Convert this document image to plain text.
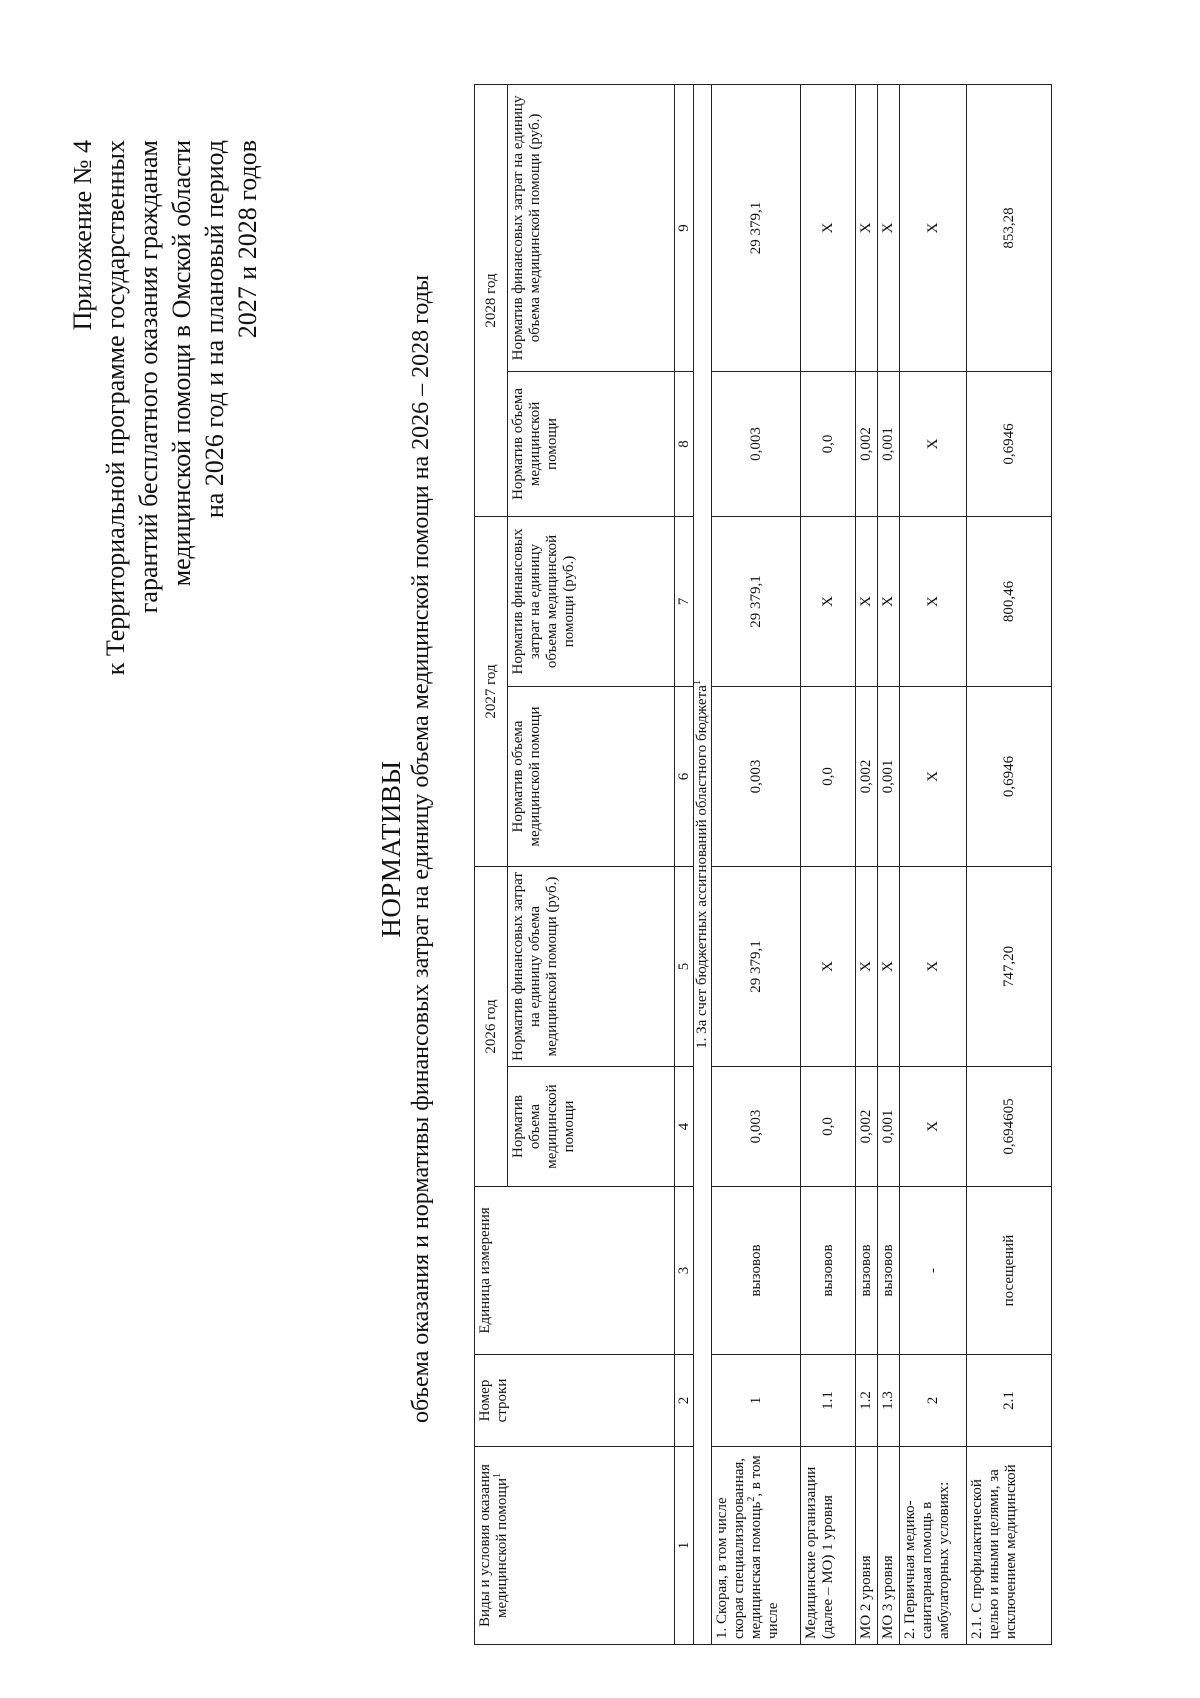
Приложение № 4 к Территориальной программе государственных гарантий бесплатного оказания гражданам медицинской помощи в Омской области на 2026 год и на плановый период 2027 и 2028 годов
НОРМАТИВЫ объема оказания и нормативы финансовых затрат на единицу объема медицинской помощи на 2026 – 2028 годы
Виды и условия оказания медицинской помощи$^1$	Номер строки	Единица измерения	2026 год		2027 год		2028 год	
			Норматив объема медицинской помощи	Норматив финансовых затрат на единицу объема медицинской помощи (руб.)	Норматив объема медицинской помощи	Норматив финансовых затрат на единицу объема медицинской помощи (руб.)	Норматив объема медицинской помощи	Норматив финансовых затрат на единицу объема медицинской помощи (руб.)
1	2	3	4	5	6	7	8	9
1. За счет бюджетных ассигнований областного бюджета$^1$
1. Скорая, в том числе скорая специализированная, медицинская помощь$^2$, в том числе	1	вызовов	0,003	29 379,1	0,003	29 379,1	0,003	29 379,1
Медицинские организации (далее – МО) 1 уровня	1.1	вызовов	0,0	Х	0,0	Х	0,0	Х
МО 2 уровня	1.2	вызовов	0,002	Х	0,002	Х	0,002	Х
МО 3 уровня	1.3	вызовов	0,001	Х	0,001	Х	0,001	Х
2. Первичная медико-санитарная помощь в амбулаторных условиях:	2	-	Х	Х	Х	Х	Х	Х
2.1. С профилактической целью и иными целями, за исключением медицинской	2.1	посещений	0,694605	747,20	0,6946	800,46	0,6946	853,28
